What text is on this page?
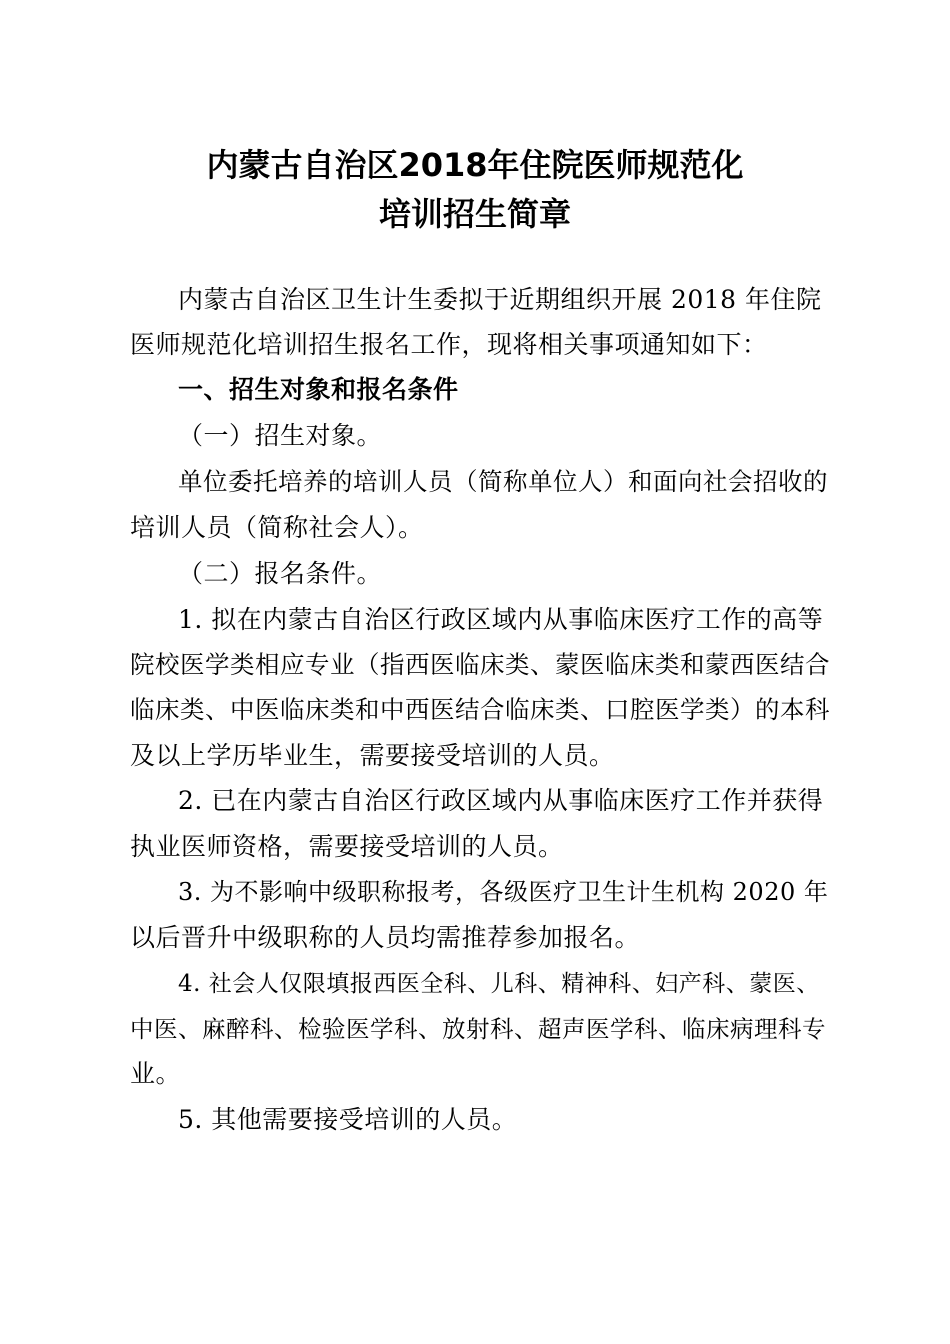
内蒙古自治区2018年住院医师规范化
培训招生简章
内蒙古自治区卫生计生委拟于近期组织开展 2018 年住院
医师规范化培训招生报名工作，现将相关事项通知如下：
一、招生对象和报名条件
（一）招生对象。
单位委托培养的培训人员（简称单位人）和面向社会招收的
培训人员（简称社会人）。
（二）报名条件。
1. 拟在内蒙古自治区行政区域内从事临床医疗工作的高等
院校医学类相应专业（指西医临床类、蒙医临床类和蒙西医结合
临床类、中医临床类和中西医结合临床类、口腔医学类）的本科
及以上学历毕业生，需要接受培训的人员。
2. 已在内蒙古自治区行政区域内从事临床医疗工作并获得
执业医师资格，需要接受培训的人员。
3. 为不影响中级职称报考，各级医疗卫生计生机构 2020 年
以后晋升中级职称的人员均需推荐参加报名。
4. 社会人仅限填报西医全科、儿科、精神科、妇产科、蒙医、
中医、麻醉科、检验医学科、放射科、超声医学科、临床病理科专
业。
5. 其他需要接受培训的人员。
